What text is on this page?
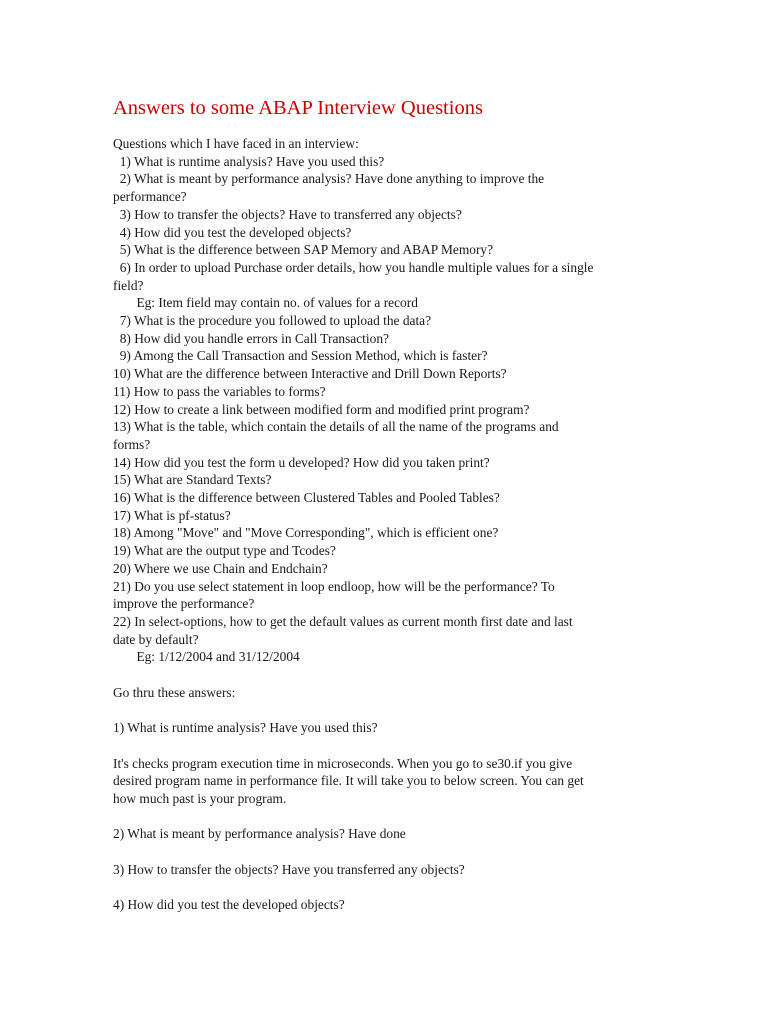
Answers to some ABAP Interview Questions
Questions which I have faced in an interview:
1) What is runtime analysis? Have you used this?
2) What is meant by performance analysis? Have done anything to improve the
performance?
3) How to transfer the objects? Have to transferred any objects?
4) How did you test the developed objects?
5) What is the difference between SAP Memory and ABAP Memory?
6) In order to upload Purchase order details, how you handle multiple values for a single
field?
Eg: Item field may contain no. of values for a record
7) What is the procedure you followed to upload the data?
8) How did you handle errors in Call Transaction?
9) Among the Call Transaction and Session Method, which is faster?
10) What are the difference between Interactive and Drill Down Reports?
11) How to pass the variables to forms?
12) How to create a link between modified form and modified print program?
13) What is the table, which contain the details of all the name of the programs and
forms?
14) How did you test the form u developed? How did you taken print?
15) What are Standard Texts?
16) What is the difference between Clustered Tables and Pooled Tables?
17) What is pf-status?
18) Among "Move" and "Move Corresponding", which is efficient one?
19) What are the output type and Tcodes?
20) Where we use Chain and Endchain?
21) Do you use select statement in loop endloop, how will be the performance? To
improve the performance?
22) In select-options, how to get the default values as current month first date and last
date by default?
Eg: 1/12/2004 and 31/12/2004
Go thru these answers:
1) What is runtime analysis? Have you used this?
It's checks program execution time in microseconds. When you go to se30.if you give
desired program name in performance file. It will take you to below screen. You can get
how much past is your program.
2) What is meant by performance analysis? Have done
3) How to transfer the objects? Have you transferred any objects?
4) How did you test the developed objects?
